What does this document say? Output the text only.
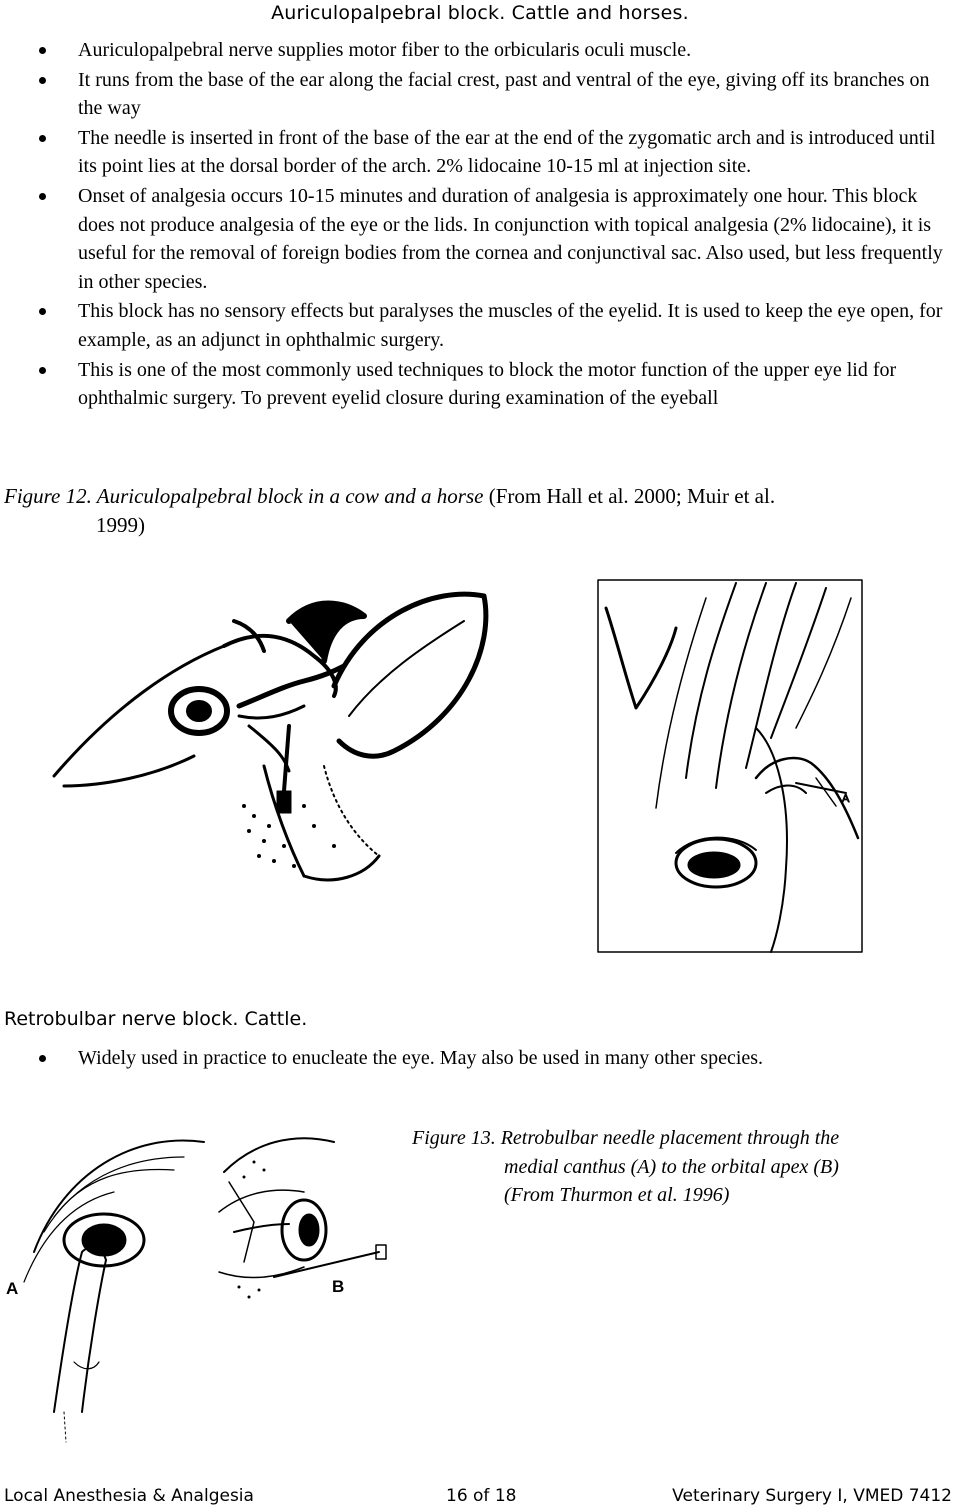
Auriculopalpebral block. Cattle and horses.
Auriculopalpebral nerve supplies motor fiber to the orbicularis oculi muscle.
It runs from the base of the ear along the facial crest, past and ventral of the eye, giving off its branches on the way
The needle is inserted in front of the base of the ear at the end of the zygomatic arch and is introduced until its point lies at the dorsal border of the arch. 2% lidocaine 10-15 ml at injection site.
Onset of analgesia occurs 10-15 minutes and duration of analgesia is approximately one hour. This block does not produce analgesia of the eye or the lids. In conjunction with topical analgesia (2% lidocaine), it is useful for the removal of foreign bodies from the cornea and conjunctival sac. Also used, but less frequently in other species.
This block has no sensory effects but paralyses the muscles of the eyelid. It is used to keep the eye open, for example, as an adjunct in ophthalmic surgery.
This is one of the most commonly used techniques to block the motor function of the upper eye lid for ophthalmic surgery. To prevent eyelid closure during examination of the eyeball
Figure 12. Auriculopalpebral block in a cow and a horse (From Hall et al. 2000; Muir et al.
1999)
A
Retrobulbar nerve block. Cattle.
Widely used in practice to enucleate the eye. May also be used in many other species.
A	B
Figure 13. Retrobulbar needle placement through the
medial canthus (A) to the orbital apex (B)
(From Thurmon et al. 1996)
Local Anesthesia & Analgesia	16 of 18	Veterinary Surgery I, VMED 7412
